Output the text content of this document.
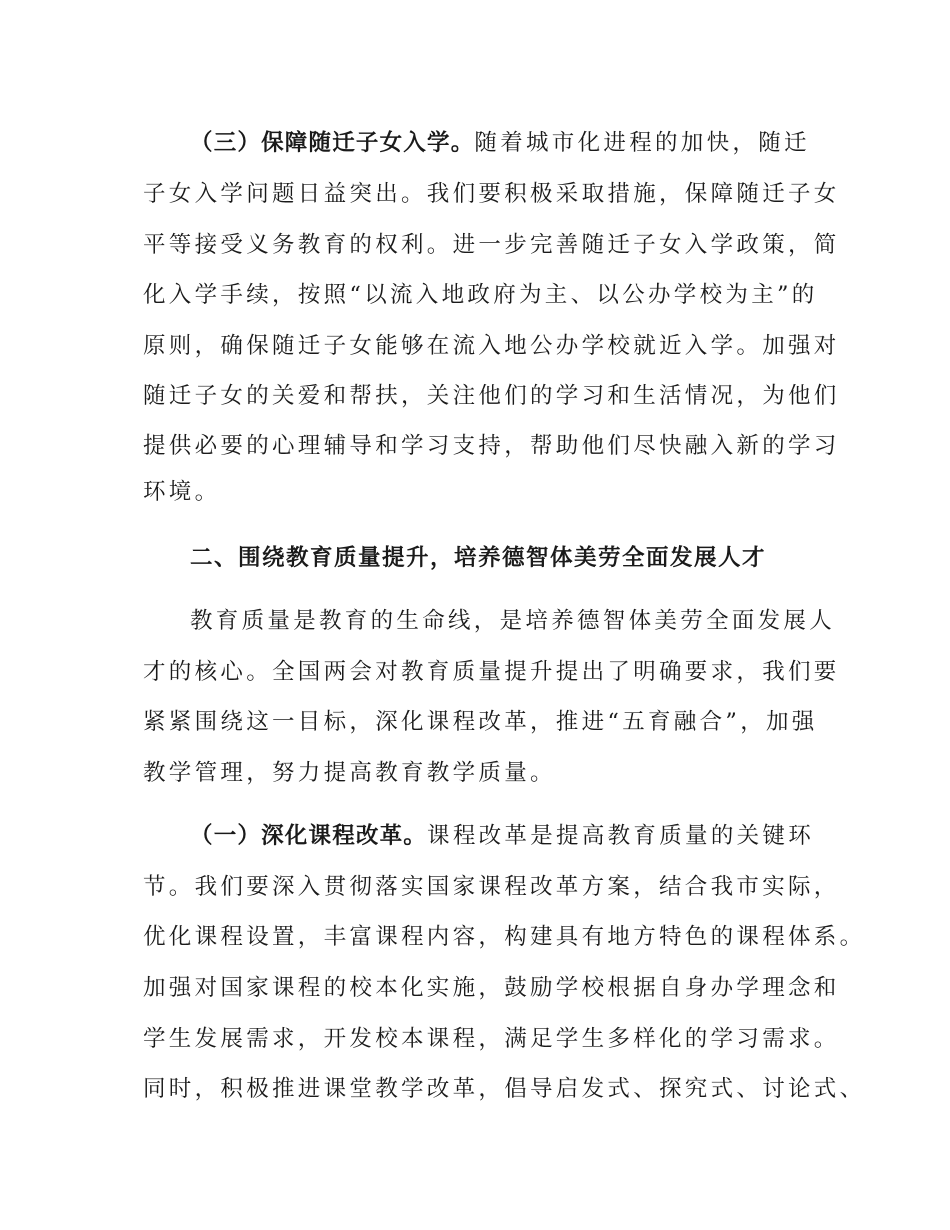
（三）保障随迁子女入学。随着城市化进程的加快，随迁
子女入学问题日益突出。我们要积极采取措施，保障随迁子女
平等接受义务教育的权利。进一步完善随迁子女入学政策，简
化入学手续，按照“以流入地政府为主、以公办学校为主”的
原则，确保随迁子女能够在流入地公办学校就近入学。加强对
随迁子女的关爱和帮扶，关注他们的学习和生活情况，为他们
提供必要的心理辅导和学习支持，帮助他们尽快融入新的学习
环境。
二、围绕教育质量提升，培养德智体美劳全面发展人才
教育质量是教育的生命线，是培养德智体美劳全面发展人
才的核心。全国两会对教育质量提升提出了明确要求，我们要
紧紧围绕这一目标，深化课程改革，推进“五育融合”，加强
教学管理，努力提高教育教学质量。
（一）深化课程改革。课程改革是提高教育质量的关键环
节。我们要深入贯彻落实国家课程改革方案，结合我市实际，
优化课程设置，丰富课程内容，构建具有地方特色的课程体系。
加强对国家课程的校本化实施，鼓励学校根据自身办学理念和
学生发展需求，开发校本课程，满足学生多样化的学习需求。
同时，积极推进课堂教学改革，倡导启发式、探究式、讨论式、
